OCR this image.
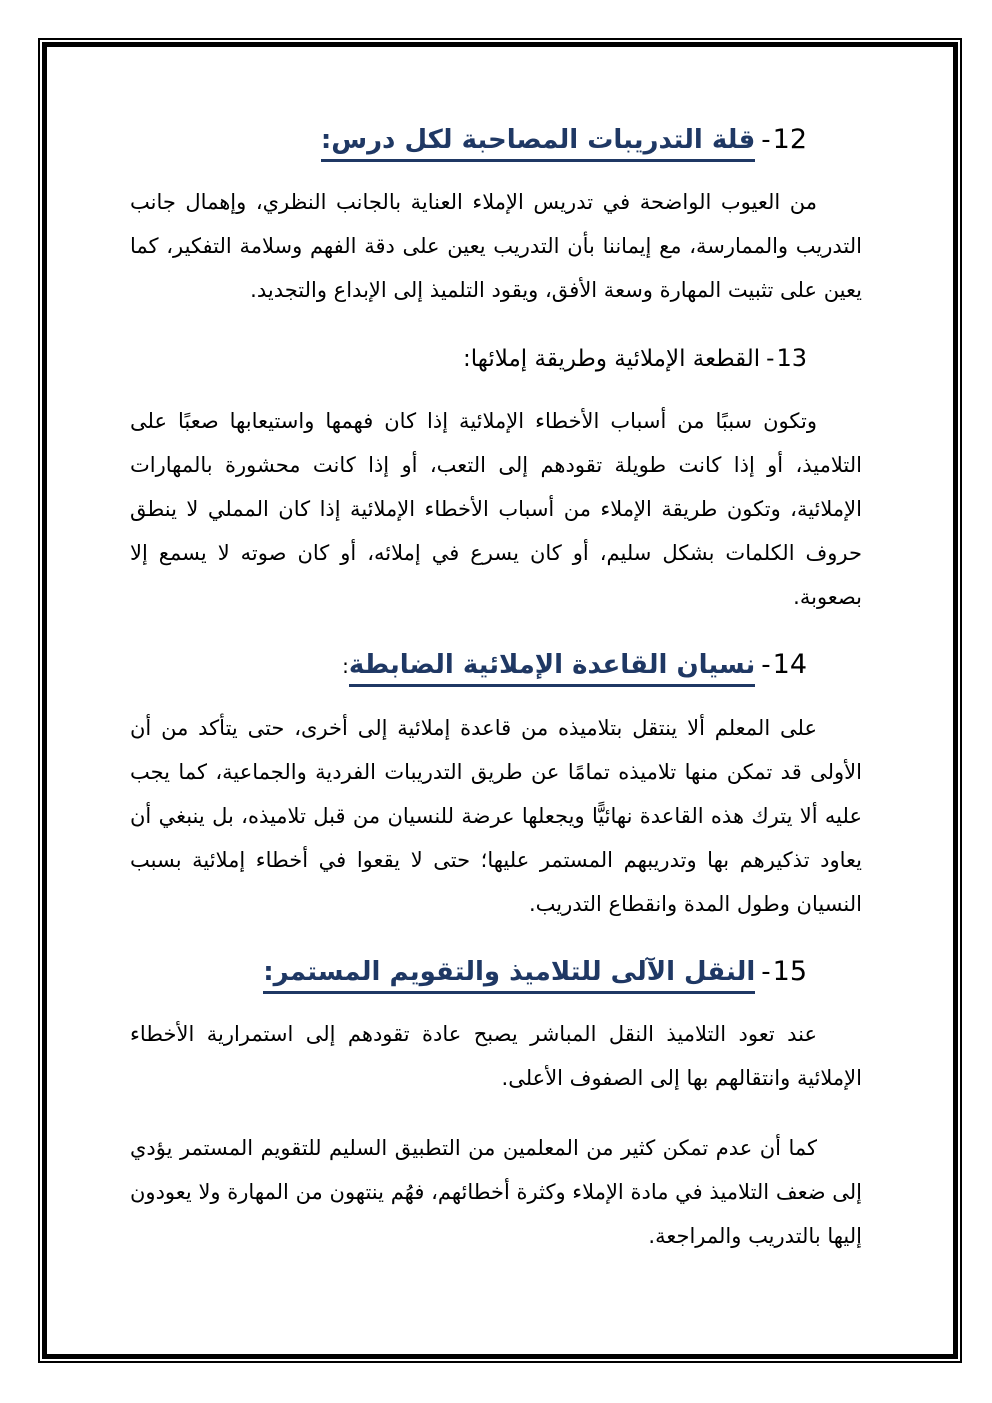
12-قلة التدريبات المصاحبة لكل درس:

من العيوب الواضحة في تدريس الإملاء العناية بالجانب النظري، وإهمال جانب التدريب والممارسة، مع إيماننا بأن التدريب يعين على دقة الفهم وسلامة التفكير، كما يعين على تثبيت المهارة وسعة الأفق، ويقود التلميذ إلى الإبداع والتجديد.

13-القطعة الإملائية وطريقة إملائها:

وتكون سببًا من أسباب الأخطاء الإملائية إذا كان فهمها واستيعابها صعبًا على التلاميذ، أو إذا كانت طويلة تقودهم إلى التعب، أو إذا كانت محشورة بالمهارات الإملائية، وتكون طريقة الإملاء من أسباب الأخطاء الإملائية إذا كان المملي لا ينطق حروف الكلمات بشكل سليم، أو كان يسرع في إملائه، أو كان صوته لا يسمع إلا بصعوبة.

14-نسيان القاعدة الإملائية الضابطة:

على المعلم ألا ينتقل بتلاميذه من قاعدة إملائية إلى أخرى، حتى يتأكد من أن الأولى قد تمكن منها تلاميذه تمامًا عن طريق التدريبات الفردية والجماعية، كما يجب عليه ألا يترك هذه القاعدة نهائيًّا ويجعلها عرضة للنسيان من قبل تلاميذه، بل ينبغي أن يعاود تذكيرهم بها وتدريبهم المستمر عليها؛ حتى لا يقعوا في أخطاء إملائية بسبب النسيان وطول المدة وانقطاع التدريب.

15-النقل الآلى للتلاميذ والتقويم المستمر:

عند تعود التلاميذ النقل المباشر يصبح عادة تقودهم إلى استمرارية الأخطاء الإملائية وانتقالهم بها إلى الصفوف الأعلى.

كما أن عدم تمكن كثير من المعلمين من التطبيق السليم للتقويم المستمر يؤدي إلى ضعف التلاميذ في مادة الإملاء وكثرة أخطائهم، فهُم ينتهون من المهارة ولا يعودون إليها بالتدريب والمراجعة.
